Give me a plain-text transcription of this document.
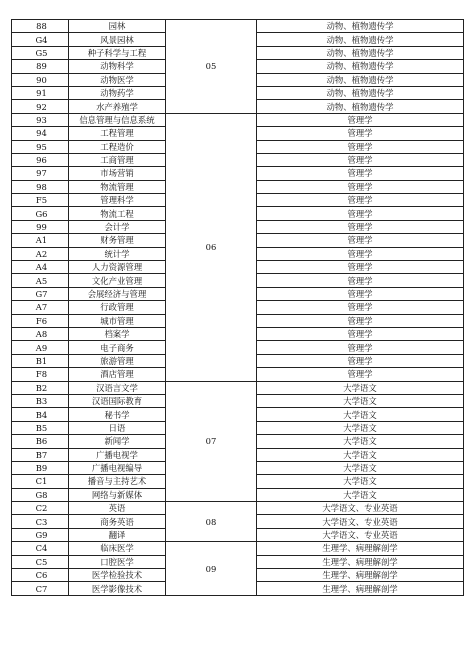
88	园林	05	动物、植物遗传学
G4	风景园林		动物、植物遗传学
G5	种子科学与工程		动物、植物遗传学
89	动物科学		动物、植物遗传学
90	动物医学		动物、植物遗传学
91	动物药学		动物、植物遗传学
92	水产养殖学		动物、植物遗传学
93	信息管理与信息系统	06	管理学
94	工程管理		管理学
95	工程造价		管理学
96	工商管理		管理学
97	市场营销		管理学
98	物流管理		管理学
F5	管理科学		管理学
G6	物流工程		管理学
99	会计学		管理学
A1	财务管理		管理学
A2	统计学		管理学
A4	人力资源管理		管理学
A5	文化产业管理		管理学
G7	会展经济与管理		管理学
A7	行政管理		管理学
F6	城市管理		管理学
A8	档案学		管理学
A9	电子商务		管理学
B1	旅游管理		管理学
F8	酒店管理		管理学
B2	汉语言文学	07	大学语文
B3	汉语国际教育		大学语文
B4	秘书学		大学语文
B5	日语		大学语文
B6	新闻学		大学语文
B7	广播电视学		大学语文
B9	广播电视编导		大学语文
C1	播音与主持艺术		大学语文
G8	网络与新媒体		大学语文
C2	英语	08	大学语文、专业英语
C3	商务英语		大学语文、专业英语
G9	翻译		大学语文、专业英语
C4	临床医学	09	生理学、病理解剖学
C5	口腔医学		生理学、病理解剖学
C6	医学检验技术		生理学、病理解剖学
C7	医学影像技术		生理学、病理解剖学
